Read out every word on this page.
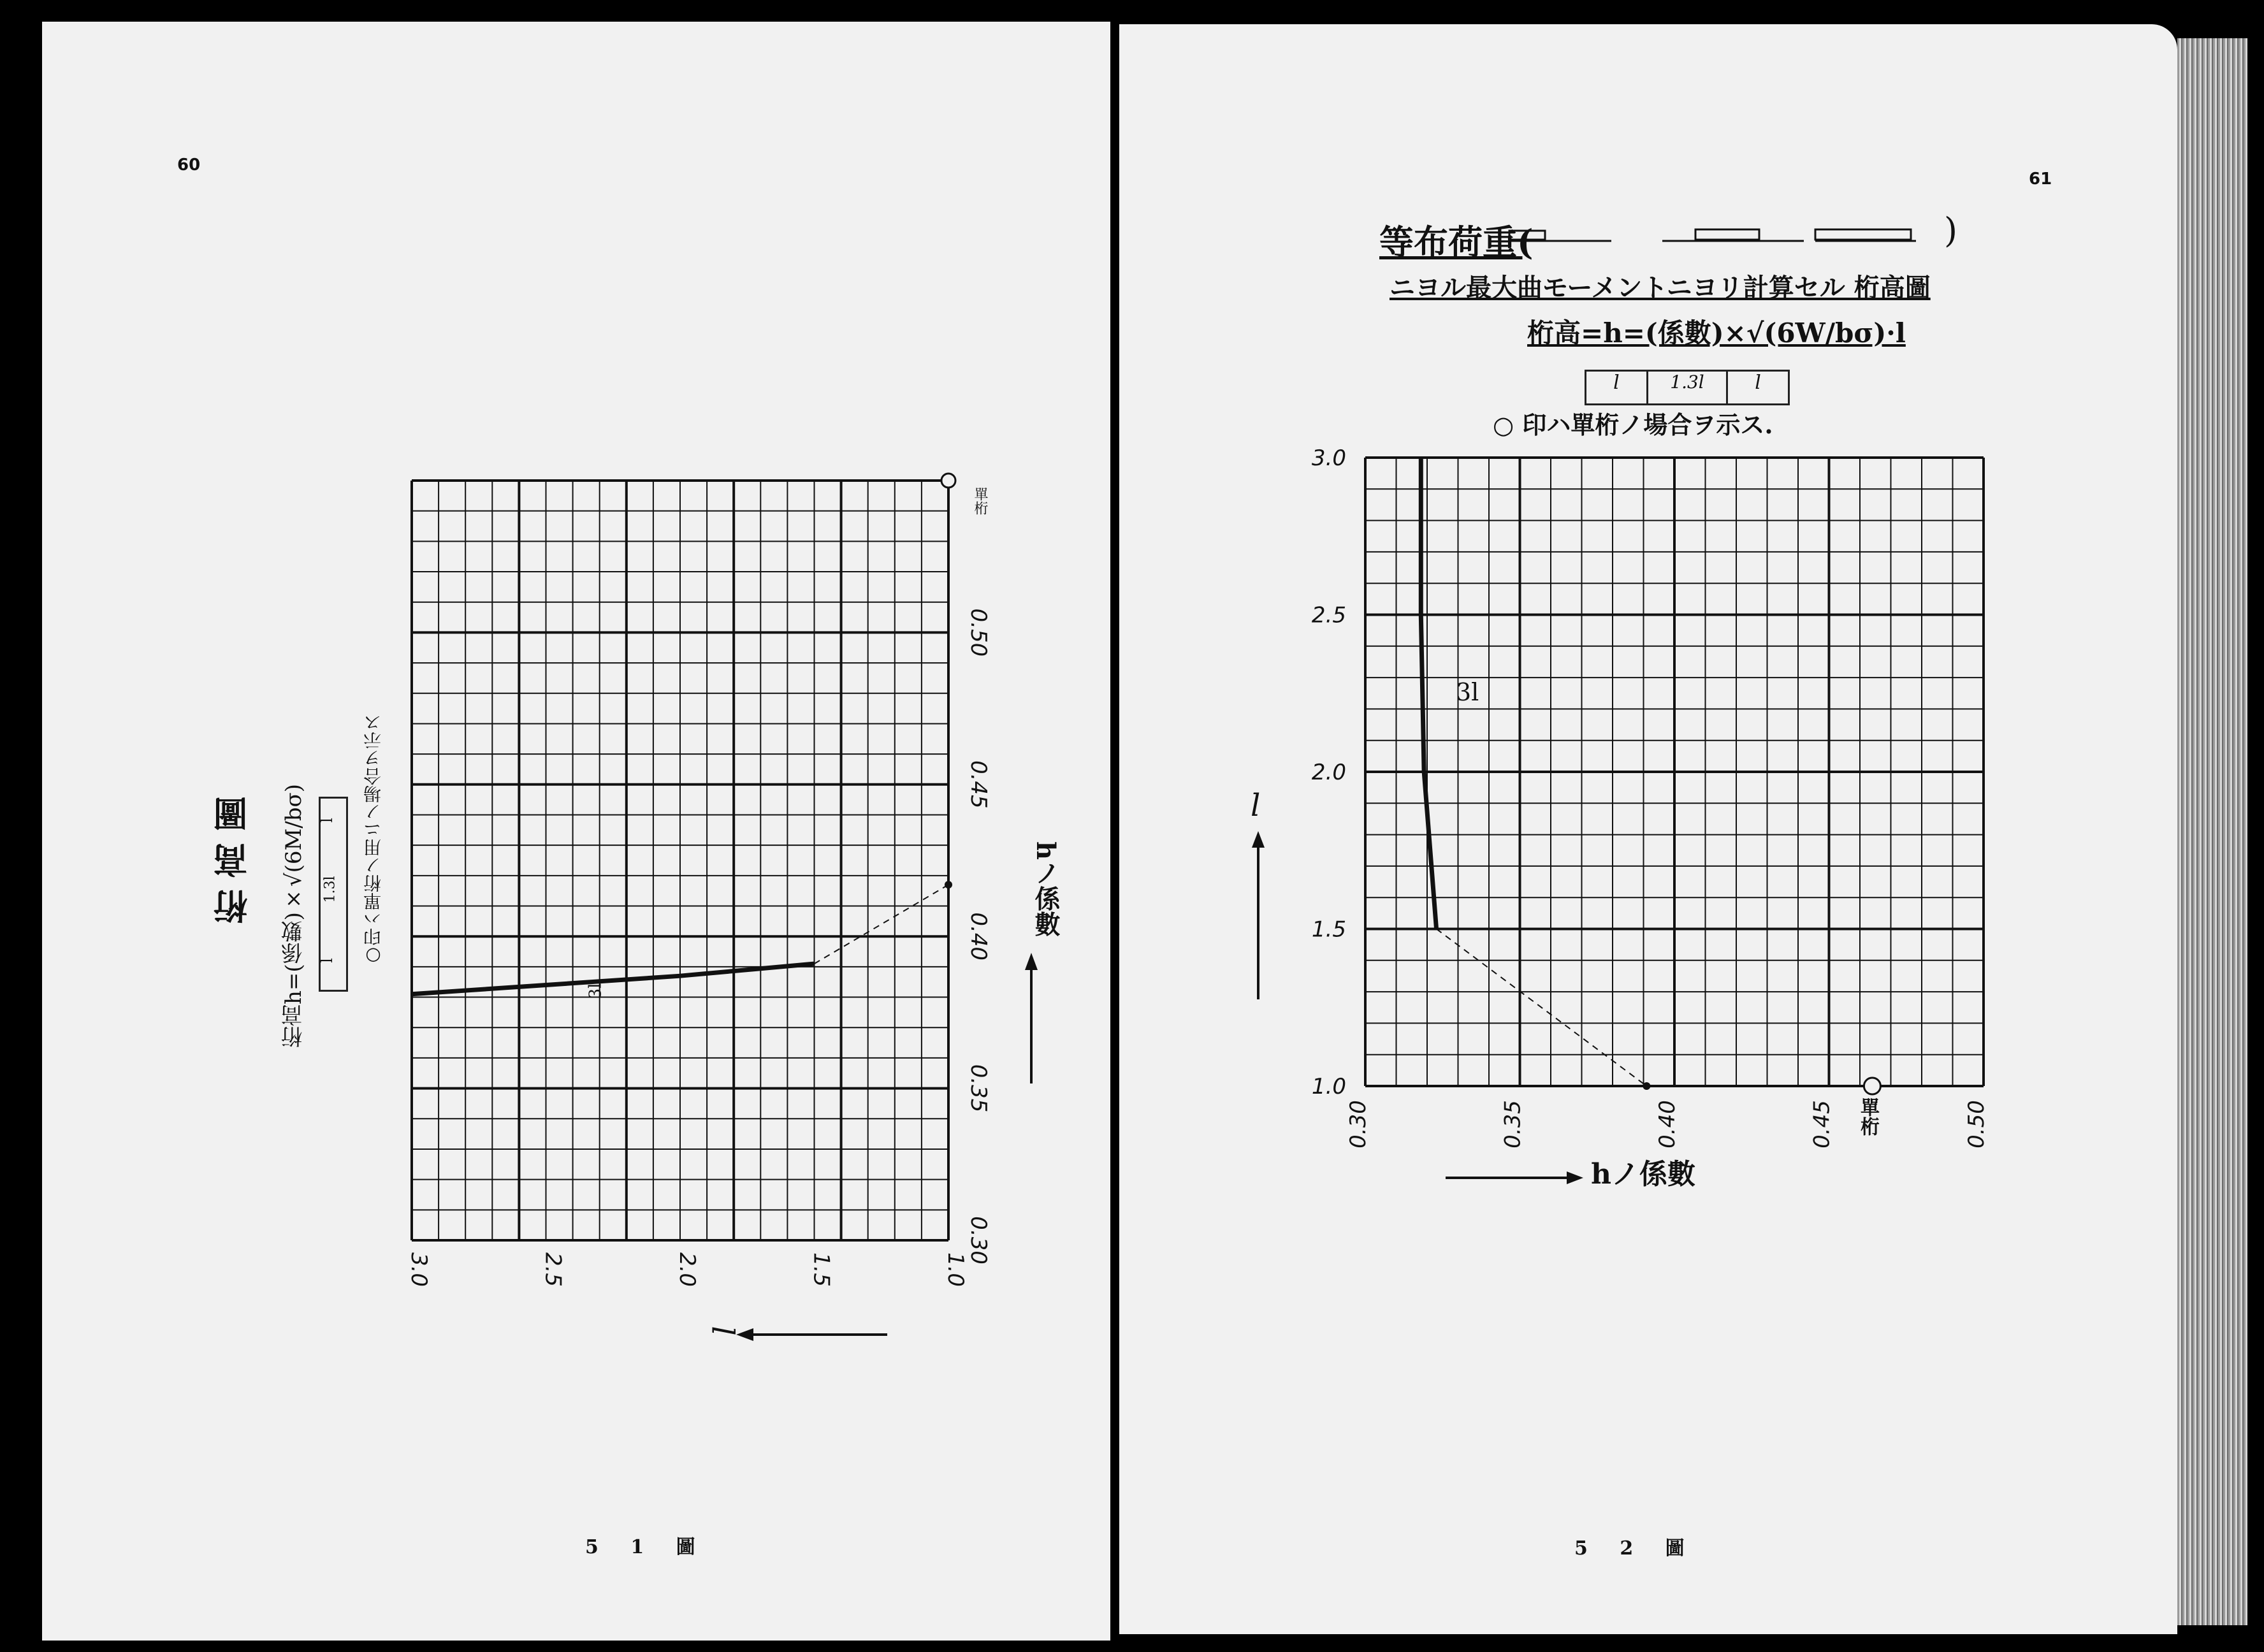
60
61
5 1 圖	5 2 圖
桁 高 圖 桁高h=(係數)×√(6M/bσ)	○印ハ單桁ノ用ニノ場合ヲ示ス
l
1.3l
l
hノ係數
l
單桁
3l
等布荷重(	)
ニヨル最大曲モーメントニヨリ計算セル 桁高圖
桁高=h=(係數)×√(6W/bσ)·l
l	1.3l	l
○ 印ハ單桁ノ場合ヲ示ス.
hノ係數
l
單桁
3l
0.30
0.35
0.40
0.45
0.50
1.0
1.5
2.0
2.5
3.0
0.30	0.35	0.40	0.45	0.50
1.0
1.5
2.0
2.5
3.0
